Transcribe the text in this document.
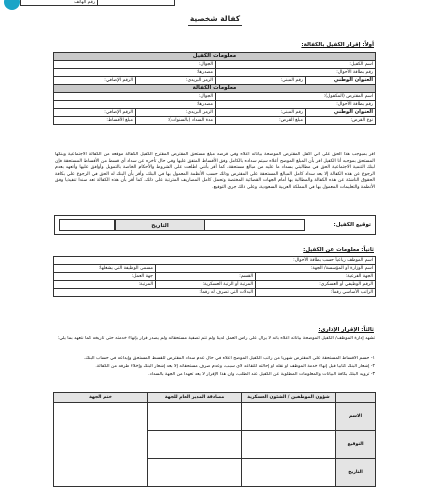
رقم الهاتف
كفالة شخصية
أولاً: إقرار الكفيل بالكفالة:
معلومات الكفيل			
اسم الكفيل:		الجوال:	
رقم بطاقة الأحوال:		مصدرها:	
العنوان الوطني	رقم المبنى:	الرمز البريدي:	الرقم الإضافي:
معلومات الكفالة			
اسم المقترض (المكفول):		الجوال:	
رقم بطاقة الأحوال:		مصدرها:	
العنوان الوطني	رقم المبنى:	الرمز البريدي:	الرقم الإضافي:
نوع القرض:	مبلغ القرض:	مدة السداد (بالسنوات):	مبلغ الأقساط:
أقر بمبوجب هذا الحق على أني أكفل المقترض الموضحة بياناته أعلاه وفي قرضه مبلغ مستحق المقترض المقترح الكفيل الكفالة موقعه من الكفالة الاجتماعية وبنكها المستحق بموجبه أنا الكفيل اقر بأن المبلغ الموضح أعلاه سيتم سداده بالكامل وفق الأقساط المتفق عليها وفي حال تأخره عن سداد أي قسط من الأقساط المستحقة فإن لبنك التنمية الاجتماعية الحق في مطالبتي بسداد ما عليه من مبالغ مستحقة، كما أقر بأنني اطلعت على الشروط والأحكام الخاصة بالتمويل وأوافق عليها وأتعهد بعدم الرجوع عن هذه الكفالة إلا بعد سداد كامل المبالغ المستحقة على المقترض وذلك حسب الأنظمة المعمول بها في البنك، وأقر بأن البنك له الحق في الرجوع علي بكافة الحقوق الناشئة عن هذه الكفالة والمطالبة بها أمام الجهات القضائية المختصة وتحمل كامل المصاريف المترتبة على ذلك، كما أقر بأن هذه الكفالة تعد سندا تنفيذيا وفق الأنظمة والتعليمات المعمول بها في المملكة العربية السعودية، وعلى ذلك جرى التوقيع.
توقيع الكفيل:
التاريخ
ثانياً: معلومات عن الكفيل:
اسم الموظف رباعياً حسب بطاقة الأحوال:		
اسم الوزارة أو المؤسسة/ الجهة:		مسمى الوظيفة التي يشغلها:
الجهة الفرعية:	القسم:	جهة العمل:
الرقم الوظيفي أو العسكري:	المرتبة أو الرتبة العسكرية:	المرتبة:
الراتب الأساسي رقماً:	البدلات التي تصرف له رقماً:	
ثالثاً: الإقرار الإداري:
تشهد إدارة الموظف/ الكفيل الموضحة بياناته أعلاه بأنه لا يزال على رأس العمل لدينا ولم تتم تصفية مستحقاته ولم يصدر قرار بإنهاء خدمته حتى تاريخه كما نتعهد بما يلي:
١- حسم الأقساط المستحقة على المقترض شهرياً من راتب الكفيل الموضح أعلاه في حال عدم سداد المقترض للقسط المستحق وإيداعه في حساب البنك.
٢- إشعار البنك كتابياً قبل إنهاء خدمة الموظف أو نقله أو إحالته للتقاعد لأي سبب، وعدم صرف مستحقاته إلا بعد إشعار البنك وإخلاء طرفه من الكفالة.
٣- تزويد البنك بكافة البيانات والمعلومات المطلوبة عن الكفيل عند الطلب، وأن هذا الإقرار لا يعد تعهداً من الجهة بالسداد.
	شؤون الموظفين / الشئون العسكرية	مصادقة المدير العام للجهة	ختم الجهة
الاسم			
التوقيع			
التاريخ			
